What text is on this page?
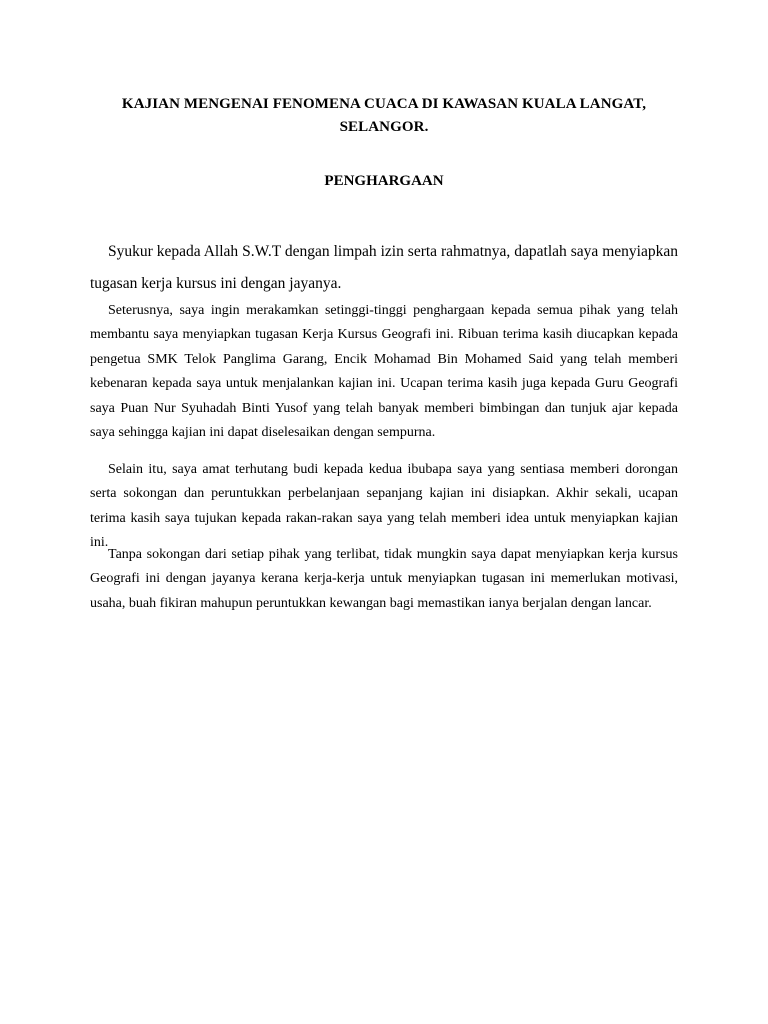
KAJIAN MENGENAI FENOMENA CUACA DI KAWASAN KUALA LANGAT,
SELANGOR.
PENGHARGAAN

Syukur kepada Allah S.W.T dengan limpah izin serta rahmatnya, dapatlah saya menyiapkan tugasan kerja kursus ini dengan jayanya.

Seterusnya, saya ingin merakamkan setinggi-tinggi penghargaan kepada semua pihak yang telah membantu saya menyiapkan tugasan Kerja Kursus Geografi ini. Ribuan terima kasih diucapkan kepada pengetua SMK Telok Panglima Garang, Encik Mohamad Bin Mohamed Said yang telah memberi kebenaran kepada saya untuk menjalankan kajian ini. Ucapan terima kasih juga kepada Guru Geografi saya Puan Nur Syuhadah Binti Yusof yang telah banyak memberi bimbingan dan tunjuk ajar kepada saya sehingga kajian ini dapat diselesaikan dengan sempurna.

Selain itu, saya amat terhutang budi kepada kedua ibubapa saya yang sentiasa memberi dorongan serta sokongan dan peruntukkan perbelanjaan sepanjang kajian ini disiapkan. Akhir sekali, ucapan terima kasih saya tujukan kepada rakan-rakan saya yang telah memberi idea untuk menyiapkan kajian ini.

Tanpa sokongan dari setiap pihak yang terlibat, tidak mungkin saya dapat menyiapkan kerja kursus Geografi ini dengan jayanya kerana kerja-kerja untuk menyiapkan tugasan ini memerlukan motivasi, usaha, buah fikiran mahupun peruntukkan kewangan bagi memastikan ianya berjalan dengan lancar.
